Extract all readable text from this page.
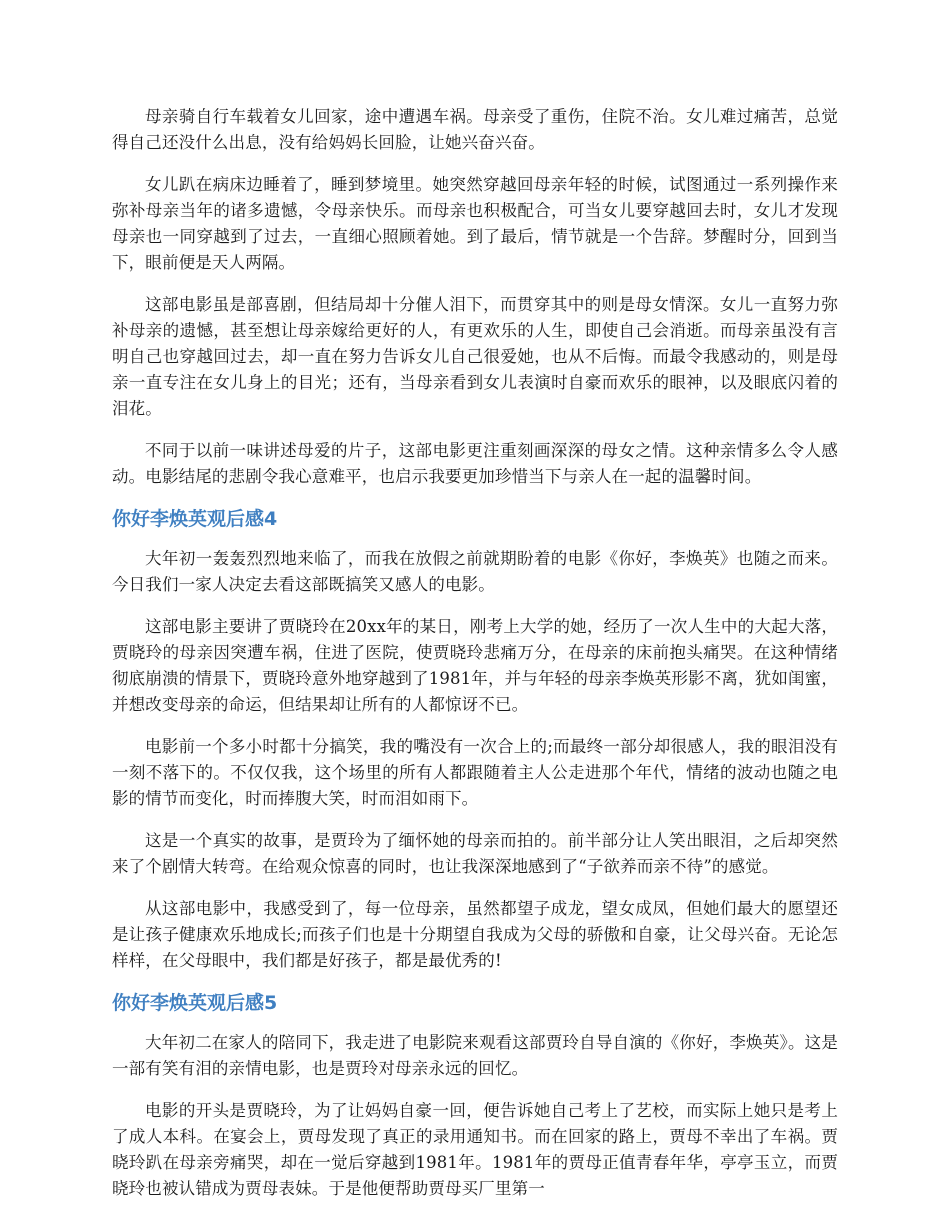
母亲骑自行车载着女儿回家，途中遭遇车祸。母亲受了重伤，住院不治。女儿难过痛苦，总觉得自己还没什么出息，没有给妈妈长回脸，让她兴奋兴奋。

女儿趴在病床边睡着了，睡到梦境里。她突然穿越回母亲年轻的时候，试图通过一系列操作来弥补母亲当年的诸多遗憾，令母亲快乐。而母亲也积极配合，可当女儿要穿越回去时，女儿才发现母亲也一同穿越到了过去，一直细心照顾着她。到了最后，情节就是一个告辞。梦醒时分，回到当下，眼前便是天人两隔。

这部电影虽是部喜剧，但结局却十分催人泪下，而贯穿其中的则是母女情深。女儿一直努力弥补母亲的遗憾，甚至想让母亲嫁给更好的人，有更欢乐的人生，即使自己会消逝。而母亲虽没有言明自己也穿越回过去，却一直在努力告诉女儿自己很爱她，也从不后悔。而最令我感动的，则是母亲一直专注在女儿身上的目光；还有，当母亲看到女儿表演时自豪而欢乐的眼神，以及眼底闪着的泪花。

不同于以前一味讲述母爱的片子，这部电影更注重刻画深深的母女之情。这种亲情多么令人感动。电影结尾的悲剧令我心意难平，也启示我要更加珍惜当下与亲人在一起的温馨时间。

你好李焕英观后感4

大年初一轰轰烈烈地来临了，而我在放假之前就期盼着的电影《你好，李焕英》也随之而来。今日我们一家人决定去看这部既搞笑又感人的电影。

这部电影主要讲了贾晓玲在20xx年的某日，刚考上大学的她，经历了一次人生中的大起大落，贾晓玲的母亲因突遭车祸，住进了医院，使贾晓玲悲痛万分，在母亲的床前抱头痛哭。在这种情绪彻底崩溃的情景下，贾晓玲意外地穿越到了1981年，并与年轻的母亲李焕英形影不离，犹如闺蜜，并想改变母亲的命运，但结果却让所有的人都惊讶不已。

电影前一个多小时都十分搞笑，我的嘴没有一次合上的;而最终一部分却很感人，我的眼泪没有一刻不落下的。不仅仅我，这个场里的所有人都跟随着主人公走进那个年代，情绪的波动也随之电影的情节而变化，时而捧腹大笑，时而泪如雨下。

这是一个真实的故事，是贾玲为了缅怀她的母亲而拍的。前半部分让人笑出眼泪，之后却突然来了个剧情大转弯。在给观众惊喜的同时，也让我深深地感到了“子欲养而亲不待”的感觉。

从这部电影中，我感受到了，每一位母亲，虽然都望子成龙，望女成凤，但她们最大的愿望还是让孩子健康欢乐地成长;而孩子们也是十分期望自我成为父母的骄傲和自豪，让父母兴奋。无论怎样样，在父母眼中，我们都是好孩子，都是最优秀的!

你好李焕英观后感5

大年初二在家人的陪同下，我走进了电影院来观看这部贾玲自导自演的《你好，李焕英》。这是一部有笑有泪的亲情电影，也是贾玲对母亲永远的回忆。

电影的开头是贾晓玲，为了让妈妈自豪一回，便告诉她自己考上了艺校，而实际上她只是考上了成人本科。在宴会上，贾母发现了真正的录用通知书。而在回家的路上，贾母不幸出了车祸。贾晓玲趴在母亲旁痛哭，却在一觉后穿越到1981年。1981年的贾母正值青春年华，亭亭玉立，而贾晓玲也被认错成为贾母表妹。于是他便帮助贾母买厂里第一
